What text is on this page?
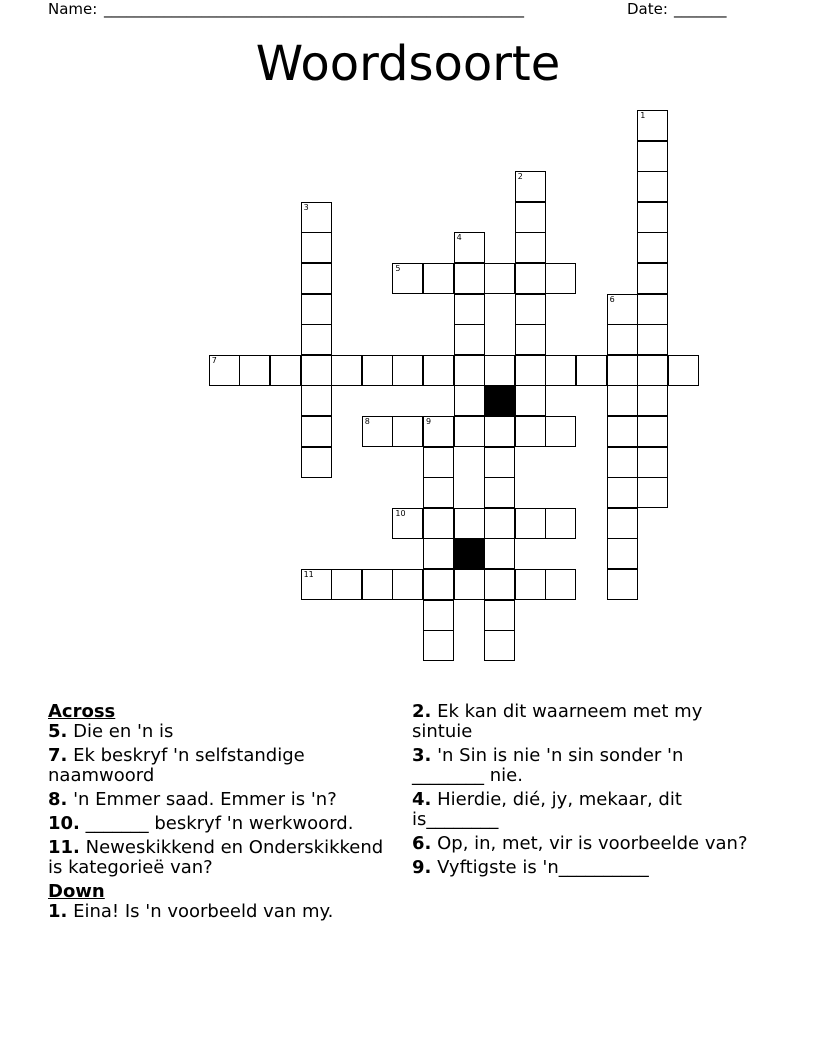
Name: ________________________________________________________	Date: _______
Woordsoorte
1
2
3
4
5
6
7
8	9
10
11
Across
5. Die en 'n is
7. Ek beskryf 'n selfstandige naamwoord
8. 'n Emmer saad. Emmer is 'n?
10. _______ beskryf 'n werkwoord.
11. Neweskikkend en Onderskikkend is kategorieë van?
Down
1. Eina! Is 'n voorbeeld van my.
2. Ek kan dit waarneem met my sintuie
3. 'n Sin is nie 'n sin sonder 'n ________ nie.
4. Hierdie, dié, jy, mekaar, dit is________
6. Op, in, met, vir is voorbeelde van?
9. Vyftigste is 'n__________
